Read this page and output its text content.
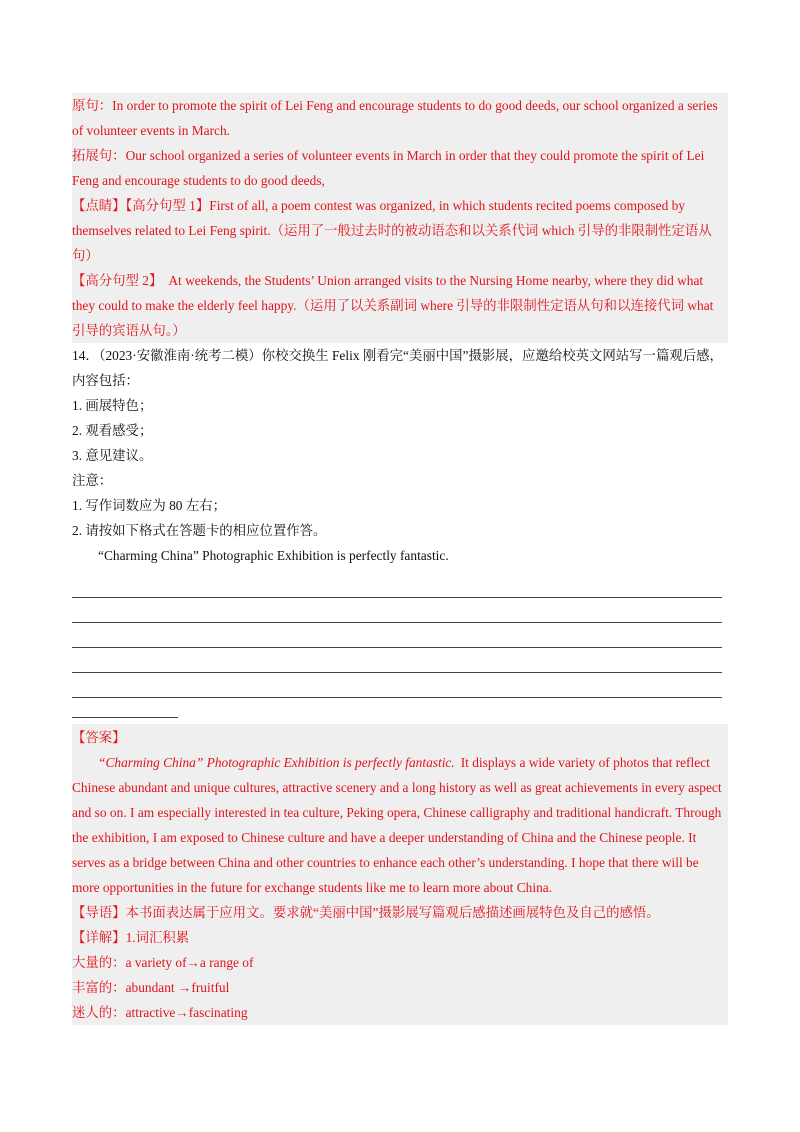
原句：In order to promote the spirit of Lei Feng and encourage students to do good deeds, our school organized a series of volunteer events in March.

拓展句：Our school organized a series of volunteer events in March in order that they could promote the spirit of Lei Feng and encourage students to do good deeds,

【点睛】【高分句型 1】First of all, a poem contest was organized, in which students recited poems composed by themselves related to Lei Feng spirit.（运用了一般过去时的被动语态和以关系代词 which 引导的非限制性定语从句）

【高分句型 2】 At weekends, the Students’ Union arranged visits to the Nursing Home nearby, where they did what they could to make the elderly feel happy.（运用了以关系副词 where 引导的非限制性定语从句和以连接代词 what 引导的宾语从句。）

14．（2023·安徽淮南·统考二模）你校交换生 Felix 刚看完“美丽中国”摄影展，应邀给校英文网站写一篇观后感，内容包括：

1. 画展特色；

2. 观看感受；

3. 意见建议。

注意：

1. 写作词数应为 80 左右；

2. 请按如下格式在答题卡的相应位置作答。

“Charming China” Photographic Exhibition is perfectly fantastic.

【答案】

“Charming China” Photographic Exhibition is perfectly fantastic. It displays a wide variety of photos that reflect Chinese abundant and unique cultures, attractive scenery and a long history as well as great achievements in every aspect and so on. I am especially interested in tea culture, Peking opera, Chinese calligraphy and traditional handicraft. Through the exhibition, I am exposed to Chinese culture and have a deeper understanding of China and the Chinese people. It serves as a bridge between China and other countries to enhance each other’s understanding. I hope that there will be more opportunities in the future for exchange students like me to learn more about China.

【导语】本书面表达属于应用文。要求就“美丽中国”摄影展写篇观后感描述画展特色及自己的感悟。

【详解】1.词汇积累

大量的：a variety of→a range of

丰富的：abundant →fruitful

迷人的：attractive→fascinating
